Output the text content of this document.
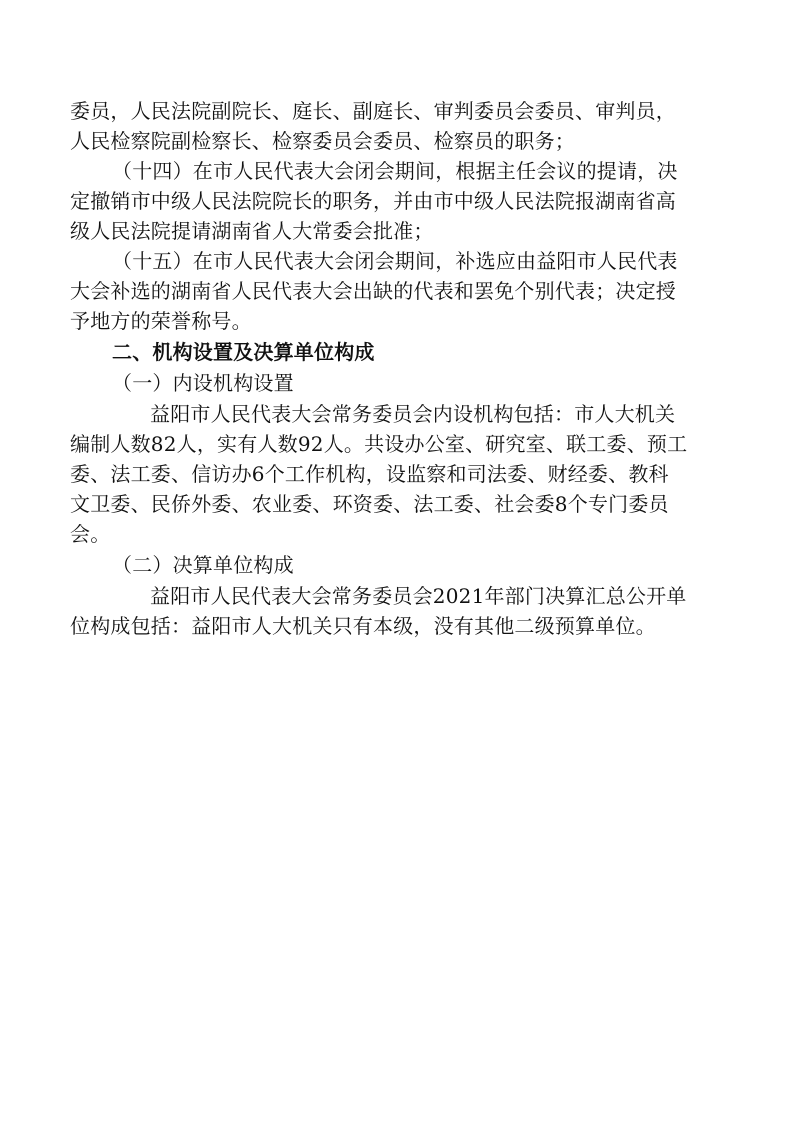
委员，人民法院副院长、庭长、副庭长、审判委员会委员、审判员，
人民检察院副检察长、检察委员会委员、检察员的职务；
（十四）在市人民代表大会闭会期间，根据主任会议的提请，决
定撤销市中级人民法院院长的职务，并由市中级人民法院报湖南省高
级人民法院提请湖南省人大常委会批准；
（十五）在市人民代表大会闭会期间，补选应由益阳市人民代表
大会补选的湖南省人民代表大会出缺的代表和罢免个别代表；决定授
予地方的荣誉称号。
二、机构设置及决算单位构成
（一）内设机构设置
益阳市人民代表大会常务委员会内设机构包括：市人大机关
编制人数82人，实有人数92人。共设办公室、研究室、联工委、预工
委、法工委、信访办6个工作机构，设监察和司法委、财经委、教科
文卫委、民侨外委、农业委、环资委、法工委、社会委8个专门委员
会。
（二）决算单位构成
益阳市人民代表大会常务委员会2021年部门决算汇总公开单
位构成包括：益阳市人大机关只有本级，没有其他二级预算单位。
